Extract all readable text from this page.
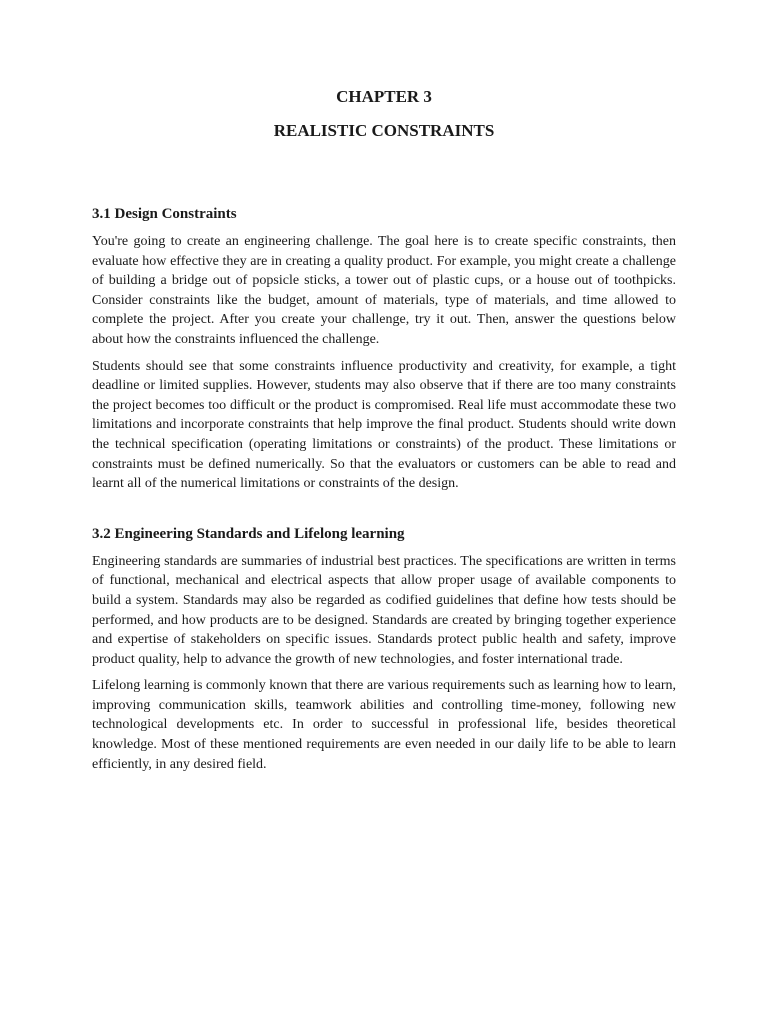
CHAPTER 3
REALISTIC CONSTRAINTS
3.1 Design Constraints

You're going to create an engineering challenge. The goal here is to create specific constraints, then evaluate how effective they are in creating a quality product. For example, you might create a challenge of building a bridge out of popsicle sticks, a tower out of plastic cups, or a house out of toothpicks. Consider constraints like the budget, amount of materials, type of materials, and time allowed to complete the project. After you create your challenge, try it out. Then, answer the questions below about how the constraints influenced the challenge.

Students should see that some constraints influence productivity and creativity, for example, a tight deadline or limited supplies. However, students may also observe that if there are too many constraints the project becomes too difficult or the product is compromised. Real life must accommodate these two limitations and incorporate constraints that help improve the final product. Students should write down the technical specification (operating limitations or constraints) of the product. These limitations or constraints must be defined numerically. So that the evaluators or customers can be able to read and learnt all of the numerical limitations or constraints of the design.

3.2 Engineering Standards and Lifelong learning

Engineering standards are summaries of industrial best practices. The specifications are written in terms of functional, mechanical and electrical aspects that allow proper usage of available components to build a system. Standards may also be regarded as codified guidelines that define how tests should be performed, and how products are to be designed. Standards are created by bringing together experience and expertise of stakeholders on specific issues. Standards protect public health and safety, improve product quality, help to advance the growth of new technologies, and foster international trade.

Lifelong learning is commonly known that there are various requirements such as learning how to learn, improving communication skills, teamwork abilities and controlling time-money, following new technological developments etc. In order to successful in professional life, besides theoretical knowledge. Most of these mentioned requirements are even needed in our daily life to be able to learn efficiently, in any desired field.
